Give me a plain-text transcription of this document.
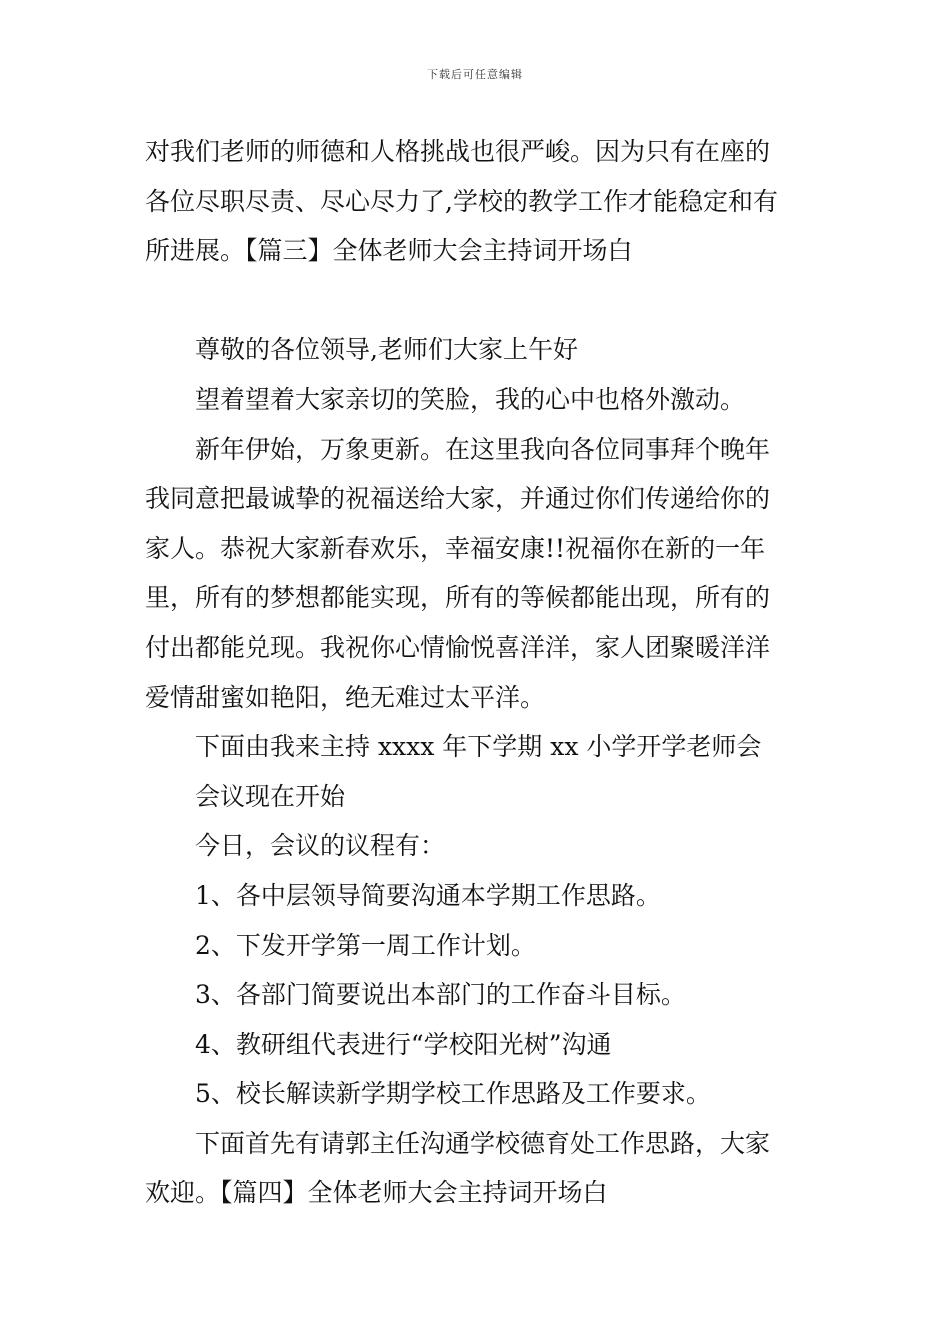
下载后可任意编辑
对我们老师的师德和人格挑战也很严峻。因为只有在座的
各位尽职尽责、尽心尽力了,学校的教学工作才能稳定和有
所进展。【篇三】全体老师大会主持词开场白
尊敬的各位领导,老师们大家上午好
望着望着大家亲切的笑脸，我的心中也格外激动。
新年伊始，万象更新。在这里我向各位同事拜个晚年
我同意把最诚挚的祝福送给大家，并通过你们传递给你的
家人。恭祝大家新春欢乐，幸福安康!!祝福你在新的一年
里，所有的梦想都能实现，所有的等候都能出现，所有的
付出都能兑现。我祝你心情愉悦喜洋洋，家人团聚暖洋洋
爱情甜蜜如艳阳，绝无难过太平洋。
下面由我来主持 xxxx 年下学期 xx 小学开学老师会
会议现在开始
今日，会议的议程有：
1、各中层领导简要沟通本学期工作思路。
2、下发开学第一周工作计划。
3、各部门简要说出本部门的工作奋斗目标。
4、教研组代表进行“学校阳光树”沟通
5、校长解读新学期学校工作思路及工作要求。
下面首先有请郭主任沟通学校德育处工作思路，大家
欢迎。【篇四】全体老师大会主持词开场白
